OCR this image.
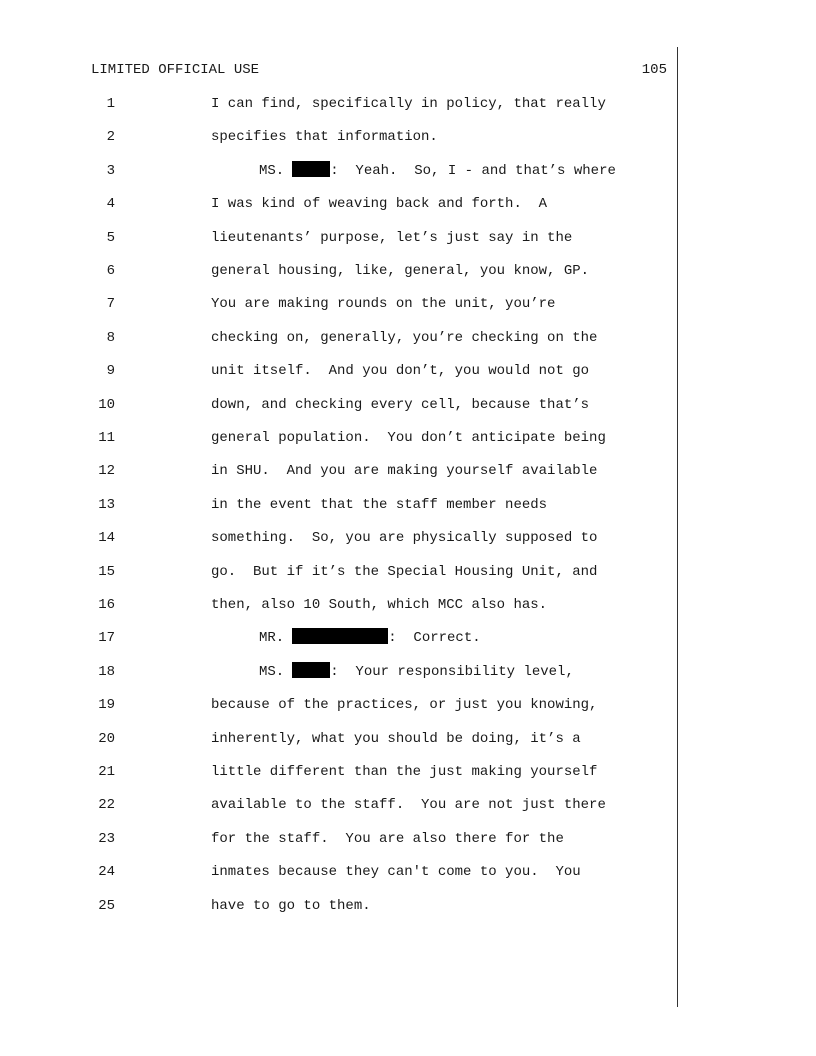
LIMITED OFFICIAL USE	105
1	I can find, specifically in policy, that really
2	specifies that information.
3	MS.	:  Yeah.  So, I - and that’s where
4	I was kind of weaving back and forth.  A
5	lieutenants’ purpose, let’s just say in the
6	general housing, like, general, you know, GP.
7	You are making rounds on the unit, you’re
8	checking on, generally, you’re checking on the
9	unit itself.  And you don’t, you would not go
10	down, and checking every cell, because that’s
11	general population.  You don’t anticipate being
12	in SHU.  And you are making yourself available
13	in the event that the staff member needs
14	something.  So, you are physically supposed to
15	go.  But if it’s the Special Housing Unit, and
16	then, also 10 South, which MCC also has.
17	MR.	:  Correct.
18	MS.	:  Your responsibility level,
19	because of the practices, or just you knowing,
20	inherently, what you should be doing, it’s a
21	little different than the just making yourself
22	available to the staff.  You are not just there
23	for the staff.  You are also there for the
24	inmates because they can't come to you.  You
25	have to go to them.
